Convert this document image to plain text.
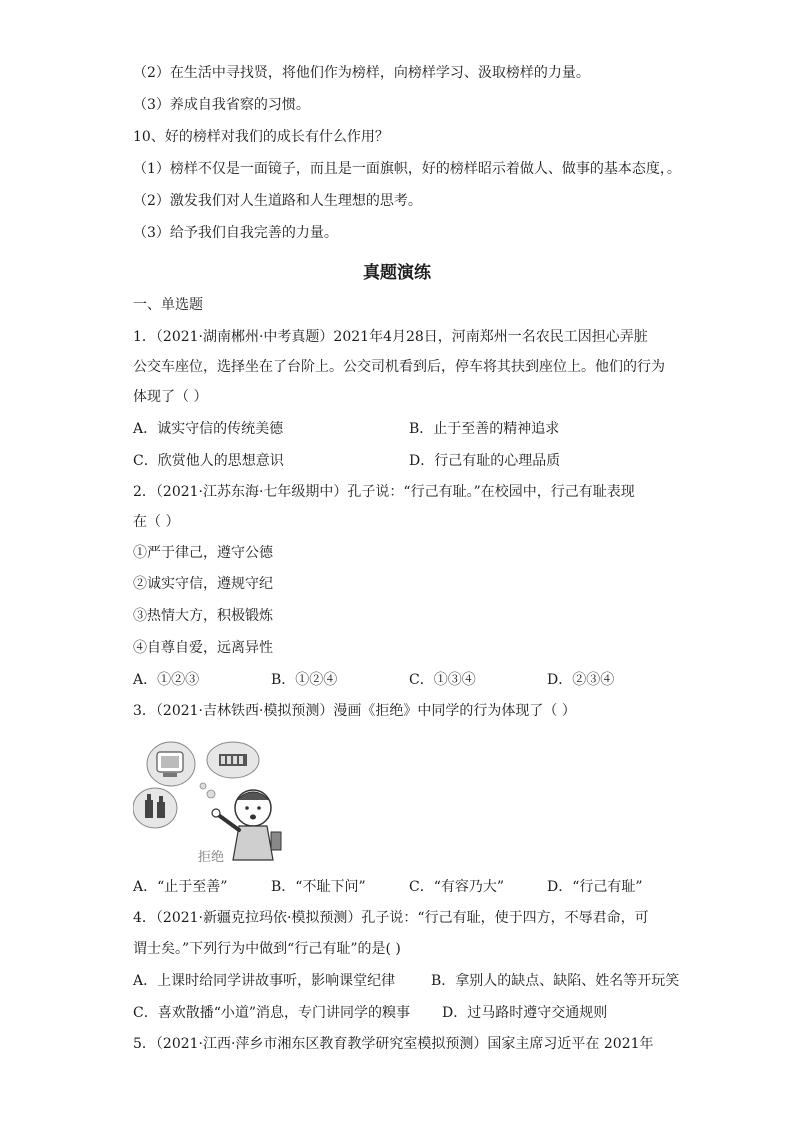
（2）在生活中寻找贤，将他们作为榜样，向榜样学习、汲取榜样的力量。
（3）养成自我省察的习惯。
10、好的榜样对我们的成长有什么作用？
（1）榜样不仅是一面镜子，而且是一面旗帜，好的榜样昭示着做人、做事的基本态度，。
（2）激发我们对人生道路和人生理想的思考。
（3）给予我们自我完善的力量。
真题演练
一、单选题
1．（2021·湖南郴州·中考真题）2021年4月28日，河南郑州一名农民工因担心弄脏
公交车座位，选择坐在了台阶上。公交司机看到后，停车将其扶到座位上。他们的行为
体现了（ ）
A．诚实守信的传统美德	B．止于至善的精神追求
C．欣赏他人的思想意识	D．行己有耻的心理品质
2．（2021·江苏东海·七年级期中）孔子说：“行己有耻。”在校园中，行己有耻表现
在（ ）
①严于律己，遵守公德
②诚实守信，遵规守纪
③热情大方，积极锻炼
④自尊自爱，远离异性
A．①②③	B．①②④	C．①③④	D．②③④
3．（2021·吉林铁西·模拟预测）漫画《拒绝》中同学的行为体现了（ ）
拒绝
A．“止于至善”	B．“不耻下问”	C．“有容乃大”	D．“行己有耻”
4．（2021·新疆克拉玛依·模拟预测）孔子说：“行己有耻，使于四方，不辱君命，可
谓士矣。”下列行为中做到“行己有耻”的是( )
A．上课时给同学讲故事听，影响课堂纪律	B．拿别人的缺点、缺陷、姓名等开玩笑
C．喜欢散播“小道”消息，专门讲同学的糗事 D．过马路时遵守交通规则
5．（2021·江西·萍乡市湘东区教育教学研究室模拟预测）国家主席习近平在 2021年
